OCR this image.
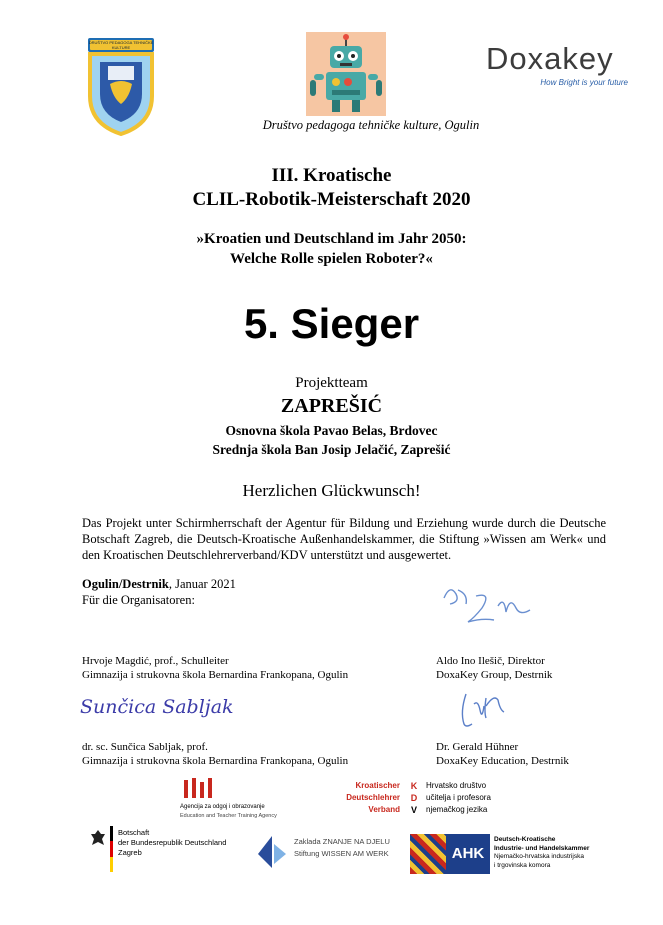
DRUŠTVO PEDAGOGA TEHNIČKE KULTURE	Doxakey
How Bright is your future
Društvo pedagoga tehničke kulture, Ogulin
III. Kroatische
CLIL-Robotik-Meisterschaft 2020
»Kroatien und Deutschland im Jahr 2050:
Welche Rolle spielen Roboter?«
5. Sieger
Projektteam
ZAPREŠIĆ
Osnovna škola Pavao Belas, Brdovec
Srednja škola Ban Josip Jelačić, Zaprešić
Herzlichen Glückwunsch!
Das Projekt unter Schirmherrschaft der Agentur für Bildung und Erziehung wurde durch die Deutsche Botschaft Zagreb, die Deutsch-Kroatische Außenhandelskammer, die Stiftung »Wissen am Werk« und den Kroatischen Deutschlehrerverband/KDV unterstützt und ausgewertet.
Ogulin/Destrnik, Januar 2021
Für die Organisatoren:
Hrvoje Magdić, prof., Schulleiter
Gimnazija i strukovna škola Bernardina Frankopana, Ogulin
Aldo Ino Ilešič, Direktor
DoxaKey Group, Destrnik
Sunčica Sabljak
dr. sc. Sunčica Sabljak, prof.
Gimnazija i strukovna škola Bernardina Frankopana, Ogulin
Dr. Gerald Hühner
DoxaKey Education, Destrnik
Agencija za odgoj i obrazovanje
Education and Teacher Training Agency
Kroatischer
Deutschlehrer
Verband
K
D
V
Hrvatsko društvo
učitelja i profesora
njemačkog jezika
Botschaft
der Bundesrepublik Deutschland
Zagreb
Zaklada ZNANJE NA DJELU
Stiftung WISSEN AM WERK	AHK
Deutsch-Kroatische
Industrie- und Handelskammer
Njemačko-hrvatska industrijska
i trgovinska komora
